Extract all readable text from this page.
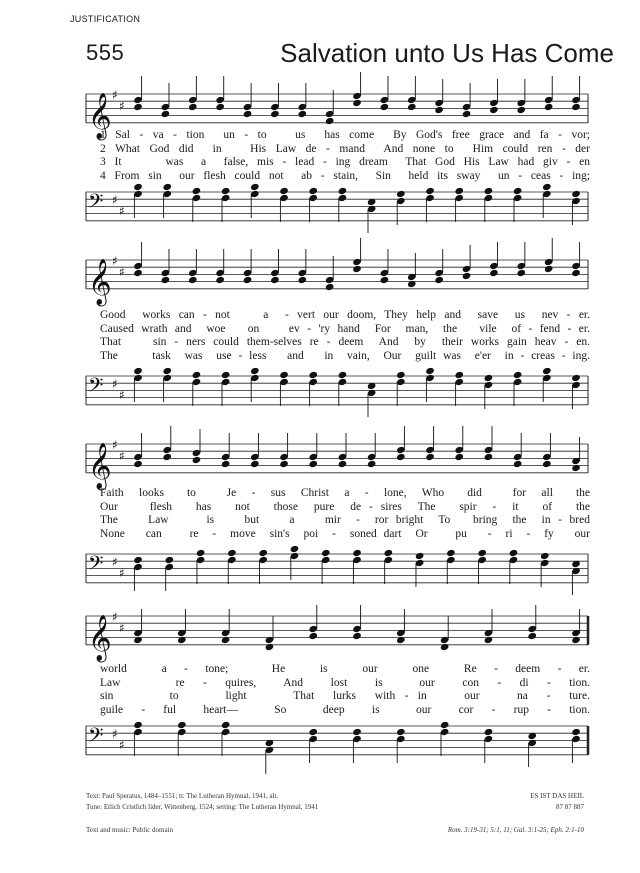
JUSTIFICATION
555	Salvation unto Us Has Come
𝄞 ♯
♯
1 Sal - va - tion  un - to   us  has come  By God's free grace and fa - vor;
2 What God did  in   His Law de - mand  And none to  Him could ren - der
3 It     was  a  false, mis - lead - ing dream  That God His Law had giv - en
4 From sin  our flesh could not  ab - stain,  Sin  held its sway  un - ceas - ing;
𝄢 ♯
♯
𝄞 ♯
♯
Good  works can - not    a  - vert our doom, They help and  save  us  nev - er.
Caused wrath and  woe   on    ev - 'ry hand  For  man,  the   vile  of - fend - er.
That    sin - ners could them-selves re - deem  And  by  their works gain heav - en.
The     task  was  use - less   and   in  vain,  Our  guilt was  e'er  in - creas - ing.
𝄢 ♯
♯
𝄞 ♯
♯
Faith  looks   to    Je  -  sus  Christ  a  -  lone,  Who   did    for  all   the
Our    flesh   has   not   those  pure  de - sires  The   spir  -  it   of   the
The    Law     is    but    a    mir  -  ror bright  To   bring  the  in - bred
None   can    re  -  move  sin's  poi  -  soned dart  Or    pu   -  ri  -  fy   our
𝄢 ♯
♯
𝄞 ♯
♯
world    a  -  tone;     He    is    our    one    Re  -  deem  -  er.
Law      re  -  quires,   And   lost   is    our   con  -  di  -  tion.
sin      to     light     That  lurks  with - in    our    na  -  ture.
guile  -  ful   heart—    So    deep   is    our   cor  -  rup  -  tion.
𝄢 ♯
♯
Text: Paul Speratus, 1484–1551; tr. The Lutheran Hymnal, 1941, alt.
Tune: Etlich Cristlich lider, Wittenberg, 1524; setting: The Lutheran Hymnal, 1941
ES IST DAS HEIL
87 87 887
Text and music: Public domain	Rom. 3:19-31; 5:1, 11; Gal. 3:1-25; Eph. 2:1-10
